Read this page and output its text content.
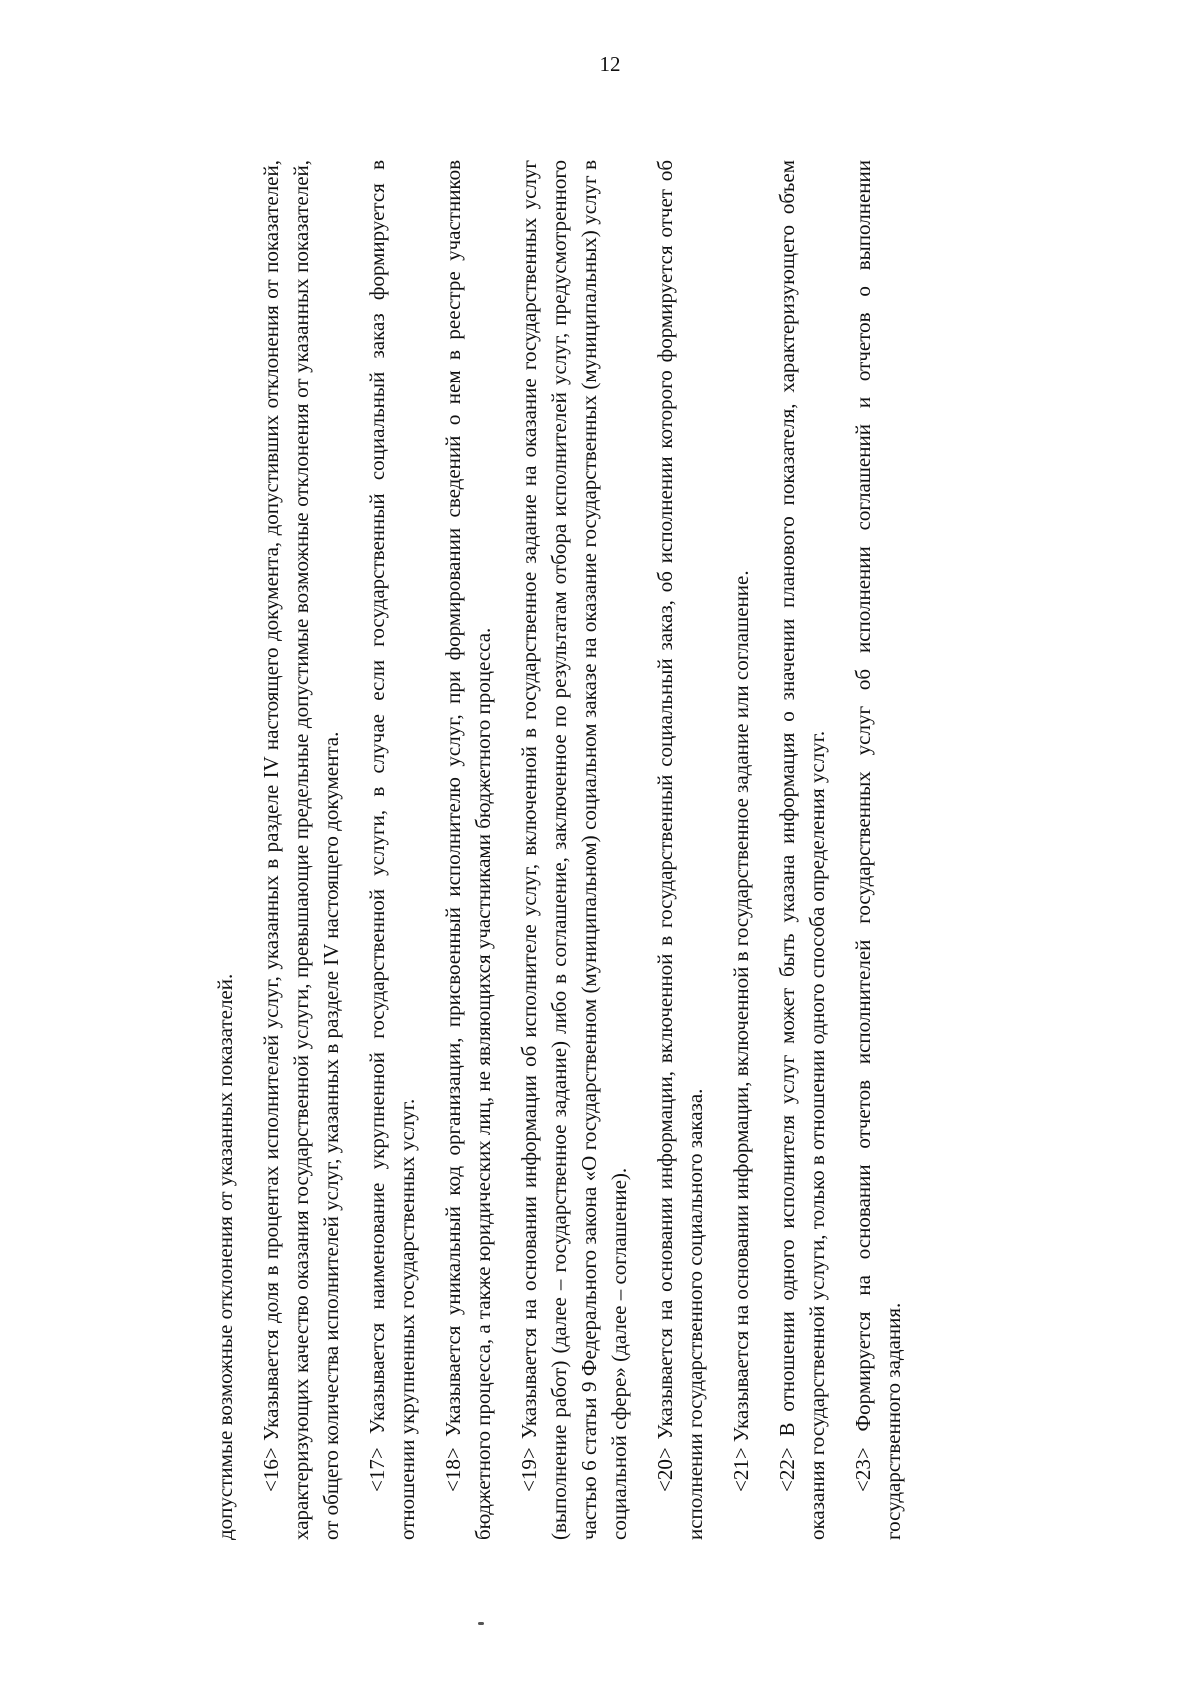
12

допустимые возможные отклонения от указанных показателей. <16> Указывается доля в процентах исполнителей услуг, указанных в разделе IV настоящего документа, допустивших отклонения от показателей, характеризующих качество оказания государственной услуги, превышающие предельные допустимые возможные отклонения от указанных показателей, от общего количества исполнителей услуг, указанных в разделе IV настоящего документа. <17> Указывается наименование укрупненной государственной услуги, в случае если государственный социальный заказ формируется в отношении укрупненных государственных услуг. <18> Указывается уникальный код организации, присвоенный исполнителю услуг, при формировании сведений о нем в реестре участников бюджетного процесса, а также юридических лиц, не являющихся участниками бюджетного процесса. <19> Указывается на основании информации об исполнителе услуг, включенной в государственное задание на оказание государственных услуг (выполнение работ) (далее – государственное задание) либо в соглашение, заключенное по результатам отбора исполнителей услуг, предусмотренного частью 6 статьи 9 Федерального закона «О государственном (муниципальном) социальном заказе на оказание государственных (муниципальных) услуг в социальной сфере» (далее – соглашение). <20> Указывается на основании информации, включенной в государственный социальный заказ, об исполнении которого формируется отчет об исполнении государственного социального заказа. <21> Указывается на основании информации, включенной в государственное задание или соглашение. <22> В отношении одного исполнителя услуг может быть указана информация о значении планового показателя, характеризующего объем оказания государственной услуги, только в отношении одного способа определения услуг. <23> Формируется на основании отчетов исполнителей государственных услуг об исполнении соглашений и отчетов о выполнении государственного задания.
